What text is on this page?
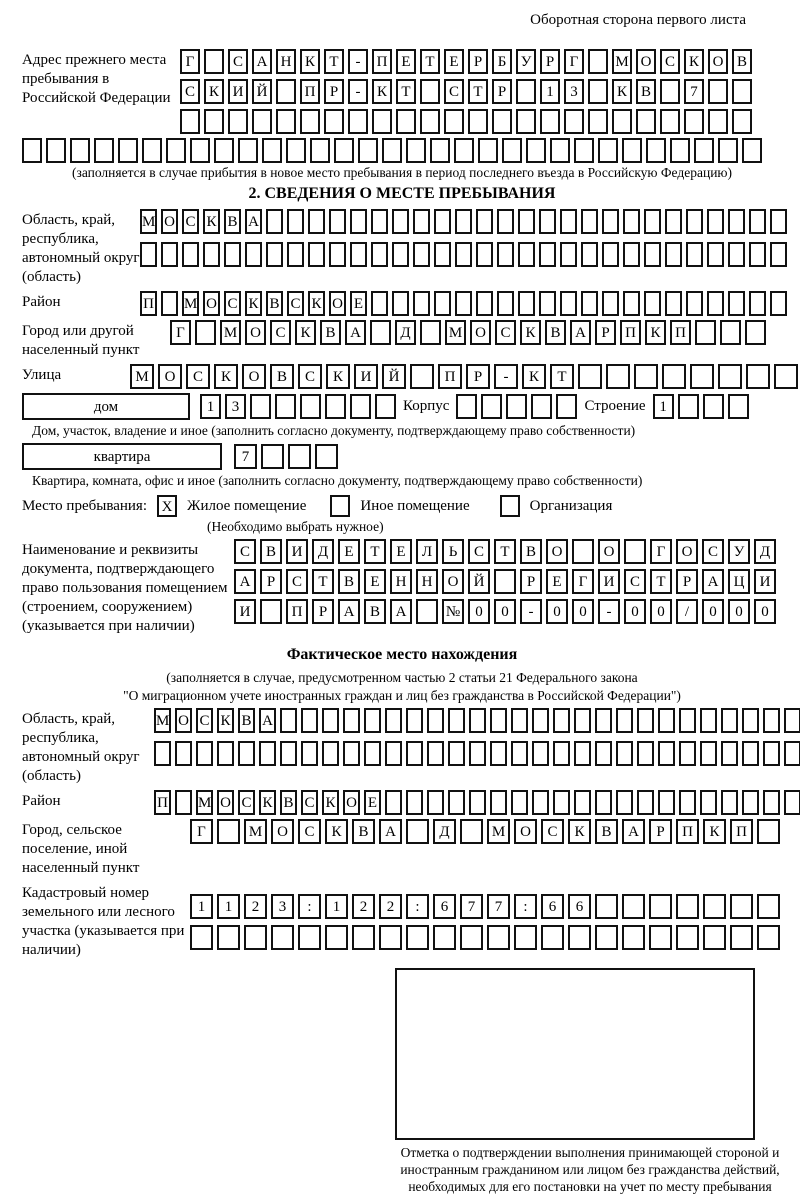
Оборотная сторона первого листа
Адрес прежнего места пребывания в Российской Федерации
Г	С А Н К Т	-	П Е Т Е	Р	Б У Р	Г	М О С К О В
С К И Й	П Р	-	К Т	С Т	Р	1	3	К В	7
(заполняется в случае прибытия в новое место пребывания в период последнего въезда в Российскую Федерацию)
2. СВЕДЕНИЯ О МЕСТЕ ПРЕБЫВАНИЯ
Область, край, республика, автономный округ (область)
М О С К В А
Район	П М О С К В С К О Е
Город или другой населенный пункт
Г	М О С К В А	Д	М О С К В А	Р	П К П
Улица	М	О	С	К	О	В	С	К	И	Й	П	Р	-	К	Т
дом	1	3	Корпус	Строение 1
Дом, участок, владение и иное (заполнить согласно документу, подтверждающему право собственности)
квартира	7
Квартира, комната, офис и иное (заполнить согласно документу, подтверждающему право собственности)
Место пребывания: X Жилое помещение	Иное помещение	Организация
(Необходимо выбрать нужное)
Наименование и реквизиты документа, подтверждающего право пользования помещением (строением, сооружением) (указывается при наличии)
С	В	И	Д	Е	Т	Е	Л	Ь	С	Т	В	О	О	Г	О	С	У	Д
А	Р	С	Т	В	Е	Н	Н	О	Й	Р	Е	Г	И	С	Т	Р	А	Ц	И
И	П	Р	А	В	А	№	0	0	-	0	0	-	0	0	/	0	0	0
Фактическое место нахождения
(заполняется в случае, предусмотренном частью 2 статьи 21 Федерального закона
"О миграционном учете иностранных граждан и лиц без гражданства в Российской Федерации")
Область, край, республика, автономный округ (область)
М О С К В А
Район	П М О С К В С К О Е
Город, сельское поселение, иной населенный пункт
Г	М О	С	К	В	А	Д	М О	С	К	В	А	Р	П	К	П
Кадастровый номер земельного или лесного участка (указывается при наличии)
1	1	2	3	:	1	2	2	:	6	7	7	:	6	6
Отметка о подтверждении выполнения принимающей стороной и иностранным гражданином или лицом без гражданства действий, необходимых для его постановки на учет по месту пребывания
